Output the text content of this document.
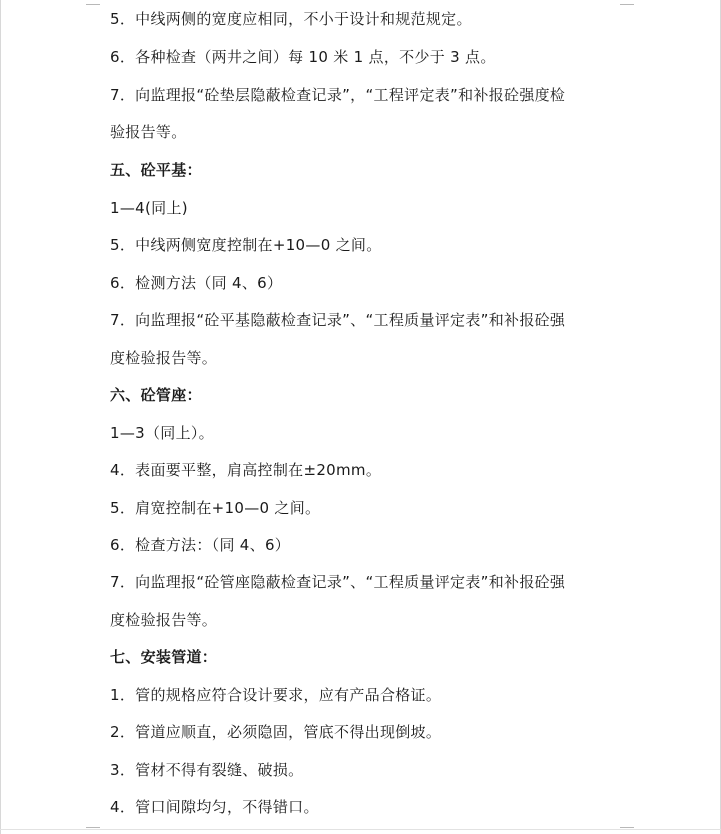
5．中线两侧的宽度应相同，不小于设计和规范规定。
6．各种检查（两井之间）每 10 米 1 点，不少于 3 点。
7．向监理报“砼垫层隐蔽检查记录”，“工程评定表”和补报砼强度检
验报告等。
五、砼平基：
1—4(同上)
5．中线两侧宽度控制在+10—0 之间。
6．检测方法（同 4、6）
7．向监理报“砼平基隐蔽检查记录”、“工程质量评定表”和补报砼强
度检验报告等。
六、砼管座：
1—3（同上）。
4．表面要平整，肩高控制在±20mm。
5．肩宽控制在+10—0 之间。
6．检查方法：（同 4、6）
7．向监理报“砼管座隐蔽检查记录”、“工程质量评定表”和补报砼强
度检验报告等。
七、安装管道：
1．管的规格应符合设计要求，应有产品合格证。
2．管道应顺直，必须隐固，管底不得出现倒坡。
3．管材不得有裂缝、破损。
4．管口间隙均匀，不得错口。
